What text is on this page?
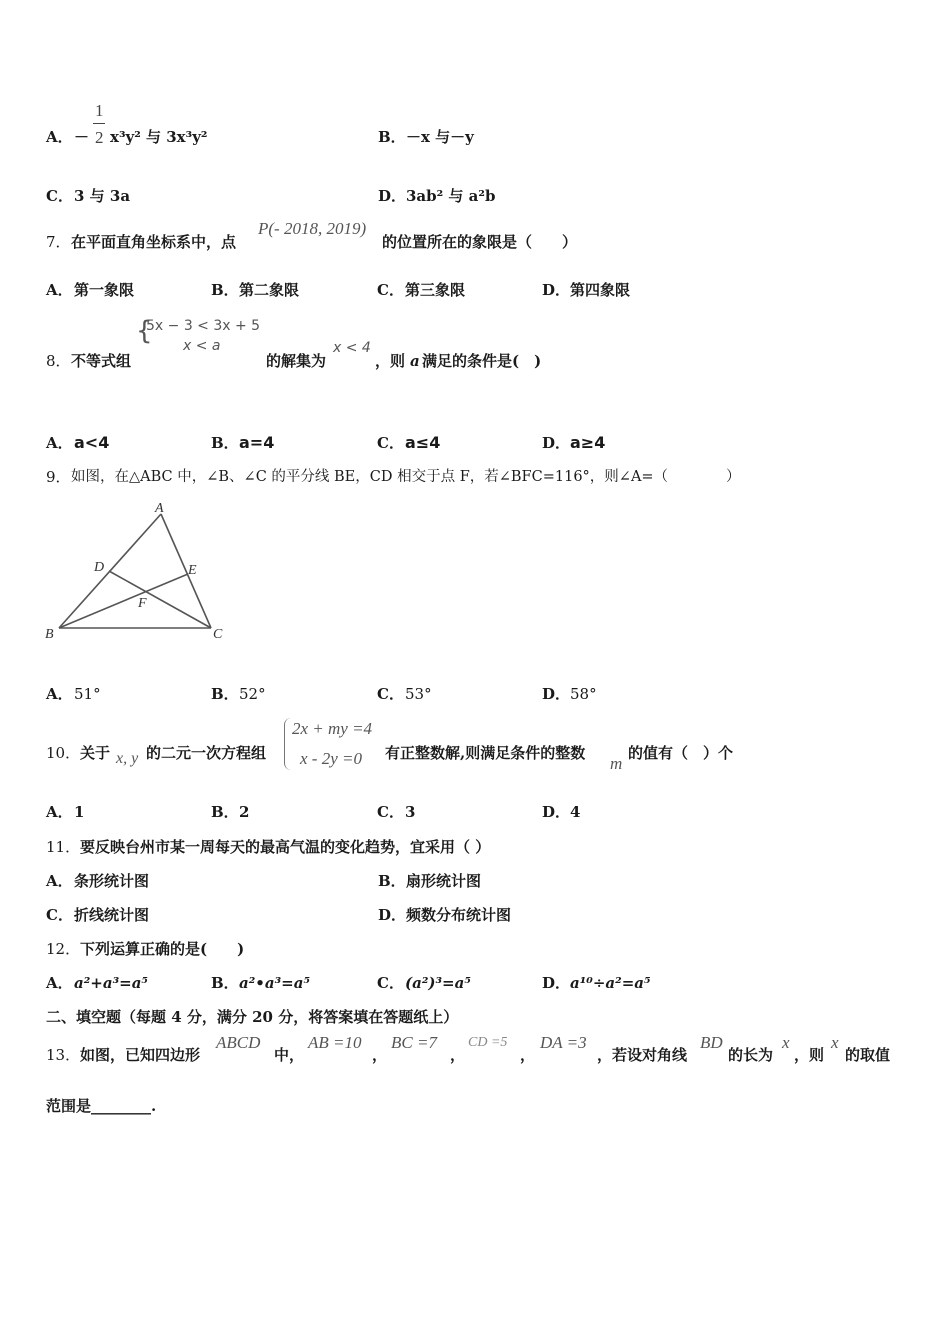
A． －
1
2 x³y² 与 3x³y²	B． －x 与－y
C． 3 与 3a	D． 3ab² 与 a²b
7． 在平面直角坐标系中，点
P(- 2018, 2019)
的位置所在的象限是（　　）
A． 第一象限	B． 第二象限	C． 第三象限	D． 第四象限
8． 不等式组
{
5x − 3 < 3x + 5
x < a
的解集为
x < 4
，则 a 满足的条件是(　)
A． a<4	B． a=4	C． a≤4	D． a≥4
9． 如图，在△ABC 中，∠B、∠C 的平分线 BE，CD 相交于点 F，若∠BFC=116°，则∠A=（　　　　）
A
B	C
D	E
F
A． 51°	B． 52°	C． 53°	D． 58°
10． 关于 x, y 的二元一次方程组
2x + my =4
x - 2y =0 有正整数解,则满足条件的整数
m
的值有（　）个
A． 1	B． 2	C． 3	D． 4
11． 要反映台州市某一周每天的最高气温的变化趋势，宜采用（ ）
A． 条形统计图	B． 扇形统计图
C． 折线统计图	D． 频数分布统计图
12． 下列运算正确的是(　　)
A． a²+a³=a⁵	B． a²•a³=a⁵	C． (a²)³=a⁵	D． a¹⁰÷a²=a⁵
二、填空题（每题 4 分，满分 20 分，将答案填在答题纸上）
13． 如图，已知四边形
ABCD
中，
AB =10
，
BC =7
，
CD =5
，
DA =3
，若设对角线
BD
的长为
x
，则
x
的取值
范围是________.
